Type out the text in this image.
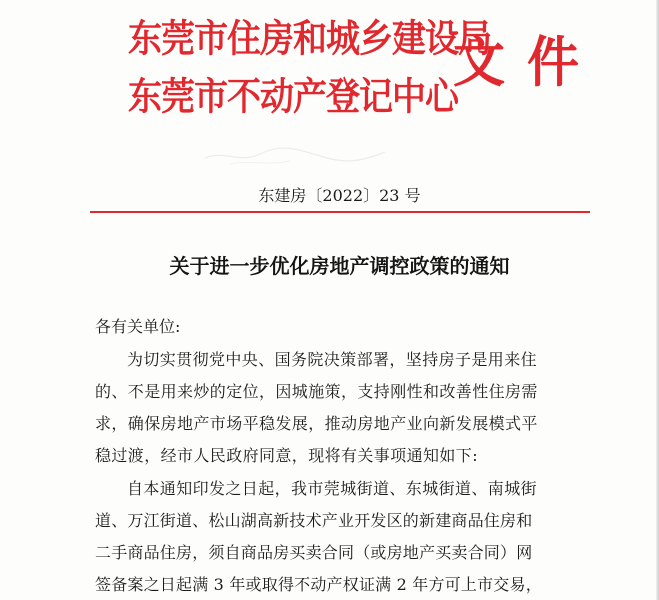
东莞市住房和城乡建设局
东莞市不动产登记中心
文件
东建房〔2022〕23 号
关于进一步优化房地产调控政策的通知
各有关单位:
为切实贯彻党中央、国务院决策部署，坚持房子是用来住
的、不是用来炒的定位，因城施策，支持刚性和改善性住房需
求，确保房地产市场平稳发展，推动房地产业向新发展模式平
稳过渡，经市人民政府同意，现将有关事项通知如下:
自本通知印发之日起，我市莞城街道、东城街道、南城街
道、万江街道、松山湖高新技术产业开发区的新建商品住房和
二手商品住房，须自商品房买卖合同（或房地产买卖合同）网
签备案之日起满 3 年或取得不动产权证满 2 年方可上市交易，
